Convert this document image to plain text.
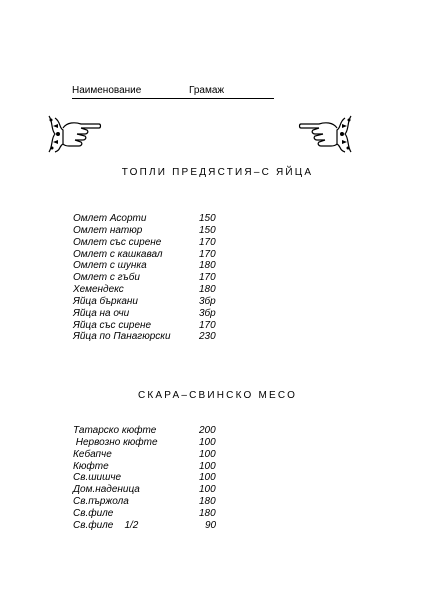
Наименование	Грамаж
ТОПЛИ ПРЕДЯСТИЯ–С ЯЙЦА
Омлет Асорти	150
Омлет натюр	150
Омлет със сирене	170
Омлет с кашкавал	170
Омлет с шунка	180
Омлет с гъби	170
Хемендекс	180
Яйца бъркани	3бр
Яйца на очи	3бр
Яйца със сирене	170
Яйца по Панагюрски	230
СКАРА–СВИНСКО МЕСО
Татарско кюфте	200
Нервозно кюфте	100
Кебапче	100
Кюфте	100
Св.шишче	100
Дом.наденица	100
Св.пържола	180
Св.филе	180
Св.филе    1/2	90
